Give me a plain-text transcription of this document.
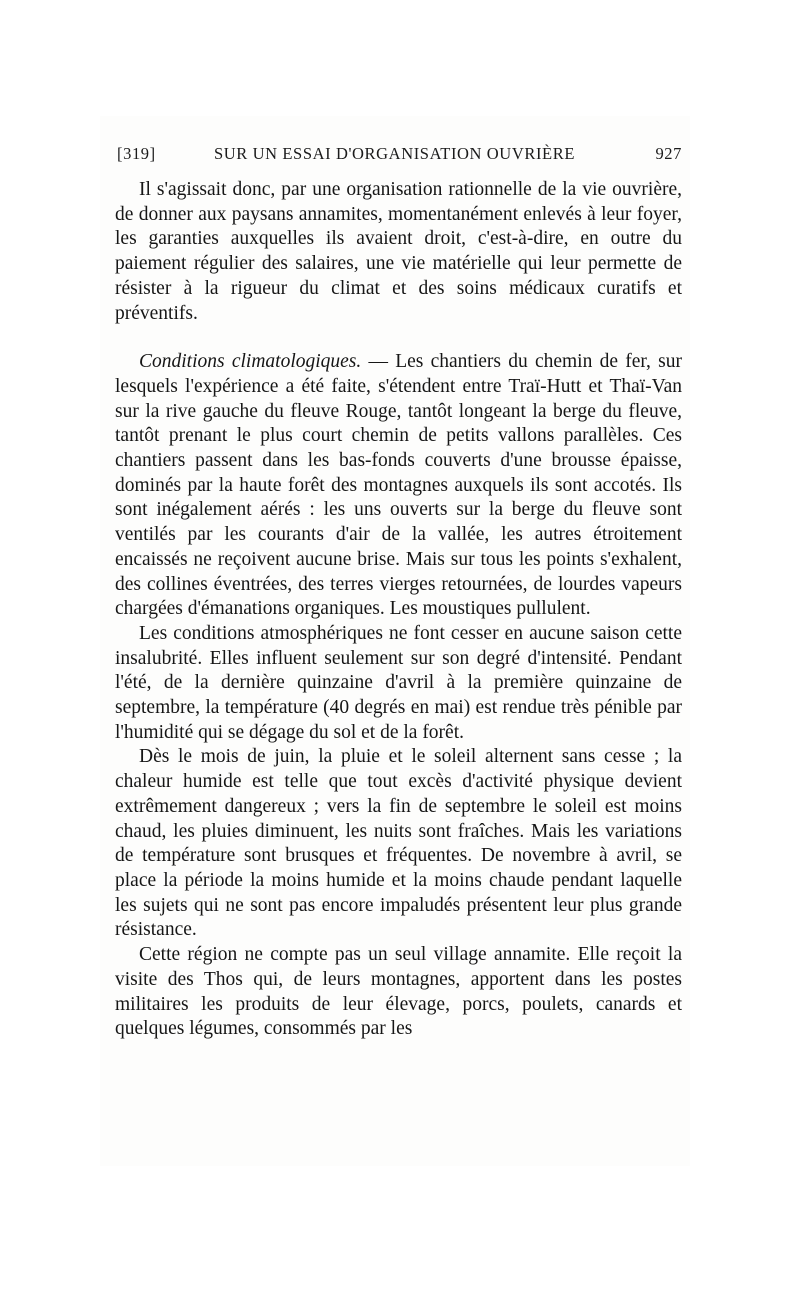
[319]	SUR UN ESSAI D'ORGANISATION OUVRIÈRE	927

Il s'agissait donc, par une organisation rationnelle de la vie ouvrière, de donner aux paysans annamites, momentanément enlevés à leur foyer, les garanties auxquelles ils avaient droit, c'est-à-dire, en outre du paiement régulier des salaires, une vie matérielle qui leur permette de résister à la rigueur du climat et des soins médicaux curatifs et préventifs.

Conditions climatologiques. — Les chantiers du chemin de fer, sur lesquels l'expérience a été faite, s'étendent entre Traï-Hutt et Thaï-Van sur la rive gauche du fleuve Rouge, tantôt longeant la berge du fleuve, tantôt prenant le plus court chemin de petits vallons parallèles. Ces chantiers passent dans les bas-fonds couverts d'une brousse épaisse, dominés par la haute forêt des montagnes auxquels ils sont accotés. Ils sont inégalement aérés : les uns ouverts sur la berge du fleuve sont ventilés par les courants d'air de la vallée, les autres étroitement encaissés ne reçoivent aucune brise. Mais sur tous les points s'exhalent, des collines éventrées, des terres vierges retournées, de lourdes vapeurs chargées d'émanations organiques. Les moustiques pullulent.

Les conditions atmosphériques ne font cesser en aucune saison cette insalubrité. Elles influent seulement sur son degré d'intensité. Pendant l'été, de la dernière quinzaine d'avril à la première quinzaine de septembre, la température (40 degrés en mai) est rendue très pénible par l'humidité qui se dégage du sol et de la forêt.

Dès le mois de juin, la pluie et le soleil alternent sans cesse ; la chaleur humide est telle que tout excès d'activité physique devient extrêmement dangereux ; vers la fin de septembre le soleil est moins chaud, les pluies diminuent, les nuits sont fraîches. Mais les variations de température sont brusques et fréquentes. De novembre à avril, se place la période la moins humide et la moins chaude pendant laquelle les sujets qui ne sont pas encore impaludés présentent leur plus grande résistance.

Cette région ne compte pas un seul village annamite. Elle reçoit la visite des Thos qui, de leurs montagnes, apportent dans les postes militaires les produits de leur élevage, porcs, poulets, canards et quelques légumes, consommés par les
